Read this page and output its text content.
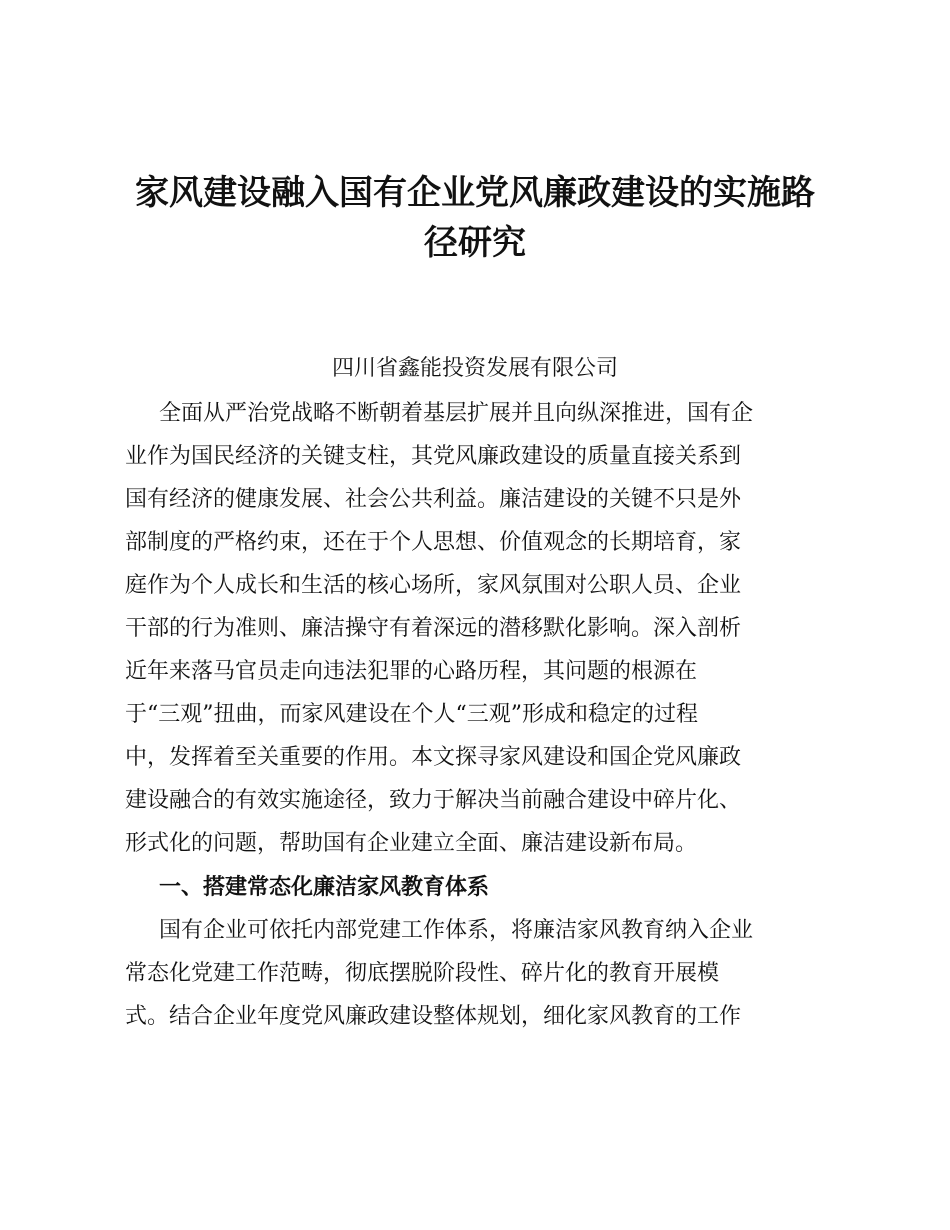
家风建设融入国有企业党风廉政建设的实施路
径研究
四川省鑫能投资发展有限公司
全面从严治党战略不断朝着基层扩展并且向纵深推进，国有企
业作为国民经济的关键支柱，其党风廉政建设的质量直接关系到
国有经济的健康发展、社会公共利益。廉洁建设的关键不只是外
部制度的严格约束，还在于个人思想、价值观念的长期培育，家
庭作为个人成长和生活的核心场所，家风氛围对公职人员、企业
干部的行为准则、廉洁操守有着深远的潜移默化影响。深入剖析
近年来落马官员走向违法犯罪的心路历程，其问题的根源在
于“三观”扭曲，而家风建设在个人“三观”形成和稳定的过程
中，发挥着至关重要的作用。本文探寻家风建设和国企党风廉政
建设融合的有效实施途径，致力于解决当前融合建设中碎片化、
形式化的问题，帮助国有企业建立全面、廉洁建设新布局。
一、搭建常态化廉洁家风教育体系
国有企业可依托内部党建工作体系，将廉洁家风教育纳入企业
常态化党建工作范畴，彻底摆脱阶段性、碎片化的教育开展模
式。结合企业年度党风廉政建设整体规划，细化家风教育的工作
